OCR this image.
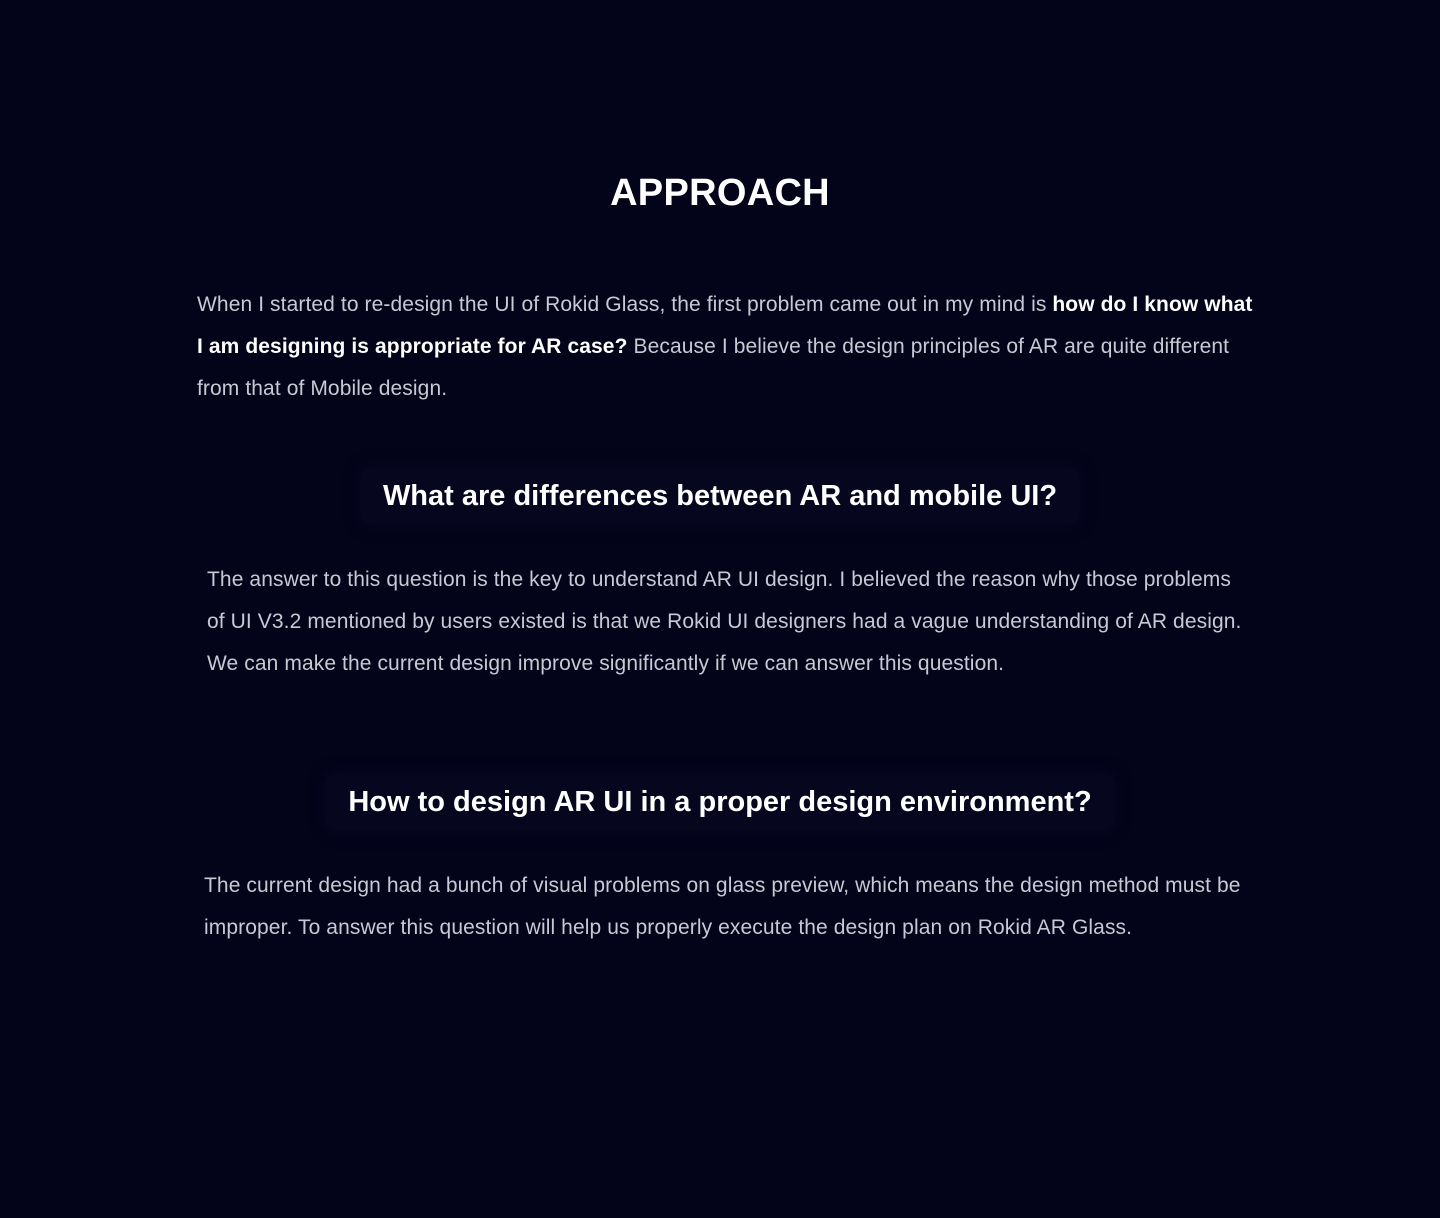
APPROACH

When I started to re-design the UI of Rokid Glass, the first problem came out in my mind is how do I know what I am designing is appropriate for AR case? Because I believe the design principles of AR are quite different from that of Mobile design.

What are differences between AR and mobile UI?

The answer to this question is the key to understand AR UI design. I believed the reason why those problems of UI V3.2 mentioned by users existed is that we Rokid UI designers had a vague understanding of AR design. We can make the current design improve significantly if we can answer this question.

How to design AR UI in a proper design environment?

The current design had a bunch of visual problems on glass preview, which means the design method must be improper. To answer this question will help us properly execute the design plan on Rokid AR Glass.
